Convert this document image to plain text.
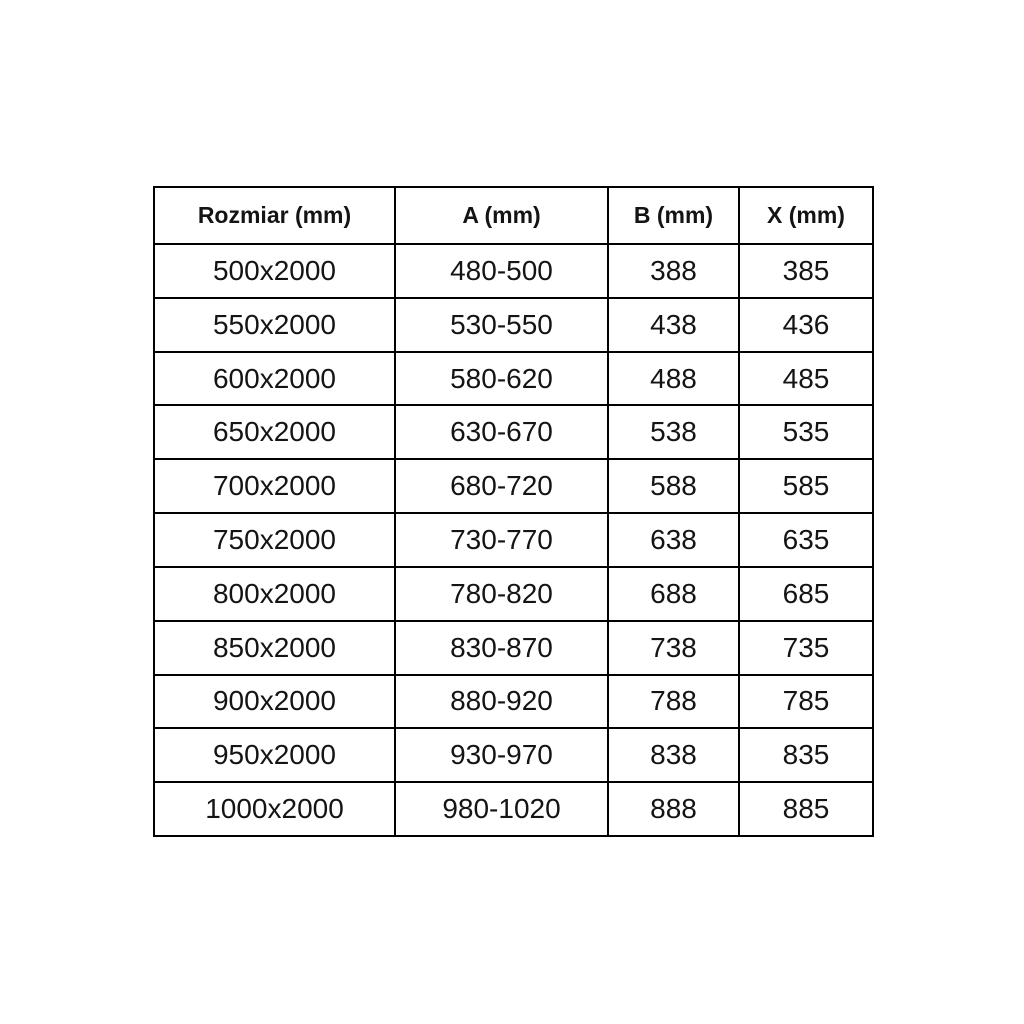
Rozmiar (mm)	A (mm)	B (mm)	X (mm)
500x2000	480-500	388	385
550x2000	530-550	438	436
600x2000	580-620	488	485
650x2000	630-670	538	535
700x2000	680-720	588	585
750x2000	730-770	638	635
800x2000	780-820	688	685
850x2000	830-870	738	735
900x2000	880-920	788	785
950x2000	930-970	838	835
1000x2000	980-1020	888	885
